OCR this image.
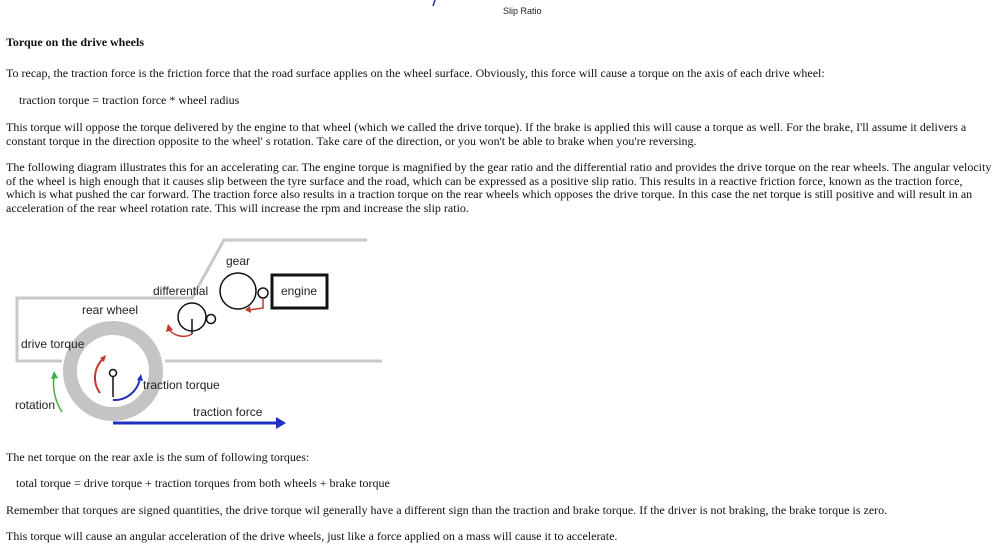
Slip Ratio
Torque on the drive wheels

To recap, the traction force is the friction force that the road surface applies on the wheel surface. Obviously, this force will cause a torque on the axis of each drive wheel:

traction torque = traction force * wheel radius

This torque will oppose the torque delivered by the engine to that wheel (which we called the drive torque). If the brake is applied this will cause a torque as well. For the brake, I'll assume it delivers a constant torque in the direction opposite to the wheel' s rotation. Take care of the direction, or you won't be able to brake when you're reversing.

The following diagram illustrates this for an accelerating car. The engine torque is magnified by the gear ratio and the differential ratio and provides the drive torque on the rear wheels. The angular velocity of the wheel is high enough that it causes slip between the tyre surface and the road, which can be expressed as a positive slip ratio. This results in a reactive friction force, known as the traction force, which is what pushed the car forward. The traction force also results in a traction torque on the rear wheels which opposes the drive torque. In this case the net torque is still positive and will result in an acceleration of the rear wheel rotation rate. This will increase the rpm and increase the slip ratio.

gear
engine
differential
rear wheel
drive torque
traction torque
rotation	traction force

The net torque on the rear axle is the sum of following torques:

total torque = drive torque + traction torques from both wheels + brake torque

Remember that torques are signed quantities, the drive torque wil generally have a different sign than the traction and brake torque. If the driver is not braking, the brake torque is zero.

This torque will cause an angular acceleration of the drive wheels, just like a force applied on a mass will cause it to accelerate.
